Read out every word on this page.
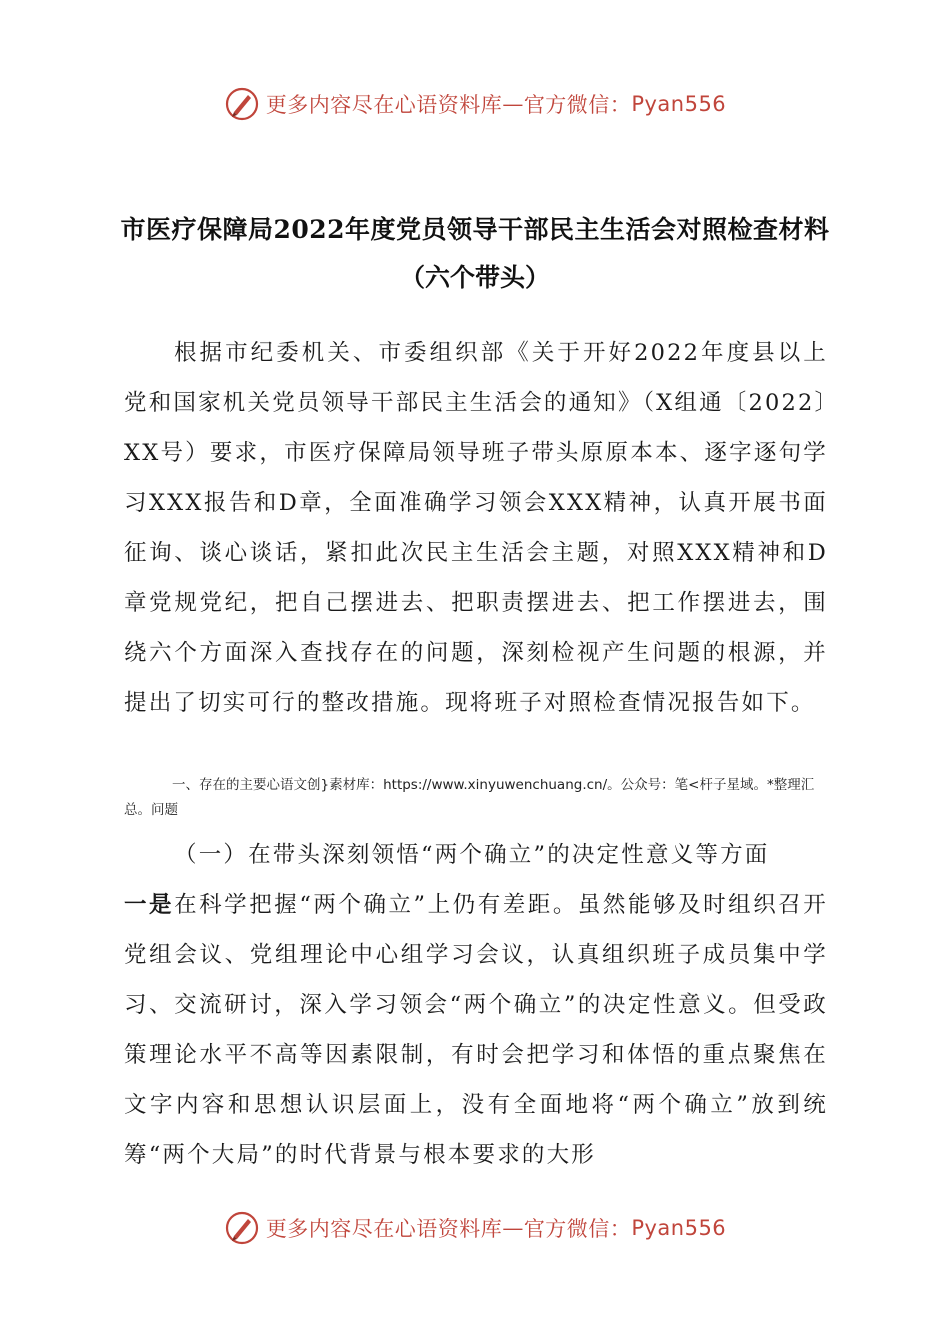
更多内容尽在心语资料库 — 官方微信： Pyan556
市医疗保障局2022年度党员领导干部民主生活会对照检查材料
（六个带头）
根据市纪委机关、市委组织部《关于开好2022年度县以上党和国家机关党员领导干部民主生活会的通知》（X组通〔2022〕XX号）要求，市医疗保障局领导班子带头原原本本、逐字逐句学习XXX报告和D章，全面准确学习领会XXX精神，认真开展书面征询、谈心谈话，紧扣此次民主生活会主题，对照XXX精神和D章党规党纪，把自己摆进去、把职责摆进去、把工作摆进去，围绕六个方面深入查找存在的问题，深刻检视产生问题的根源，并提出了切实可行的整改措施。现将班子对照检查情况报告如下。
一、存在的主要心语文创}素材库：https://www.xinyuwenchuang.cn/。公众号：笔<杆子星域。*整理汇总。问题
（一）在带头深刻领悟“两个确立”的决定性意义等方面
一是在科学把握“两个确立”上仍有差距。虽然能够及时组织召开党组会议、党组理论中心组学习会议，认真组织班子成员集中学习、交流研讨，深入学习领会“两个确立”的决定性意义。但受政策理论水平不高等因素限制，有时会把学习和体悟的重点聚焦在文字内容和思想认识层面上，没有全面地将“两个确立”放到统筹“两个大局”的时代背景与根本要求的大形
更多内容尽在心语资料库 — 官方微信： Pyan556
